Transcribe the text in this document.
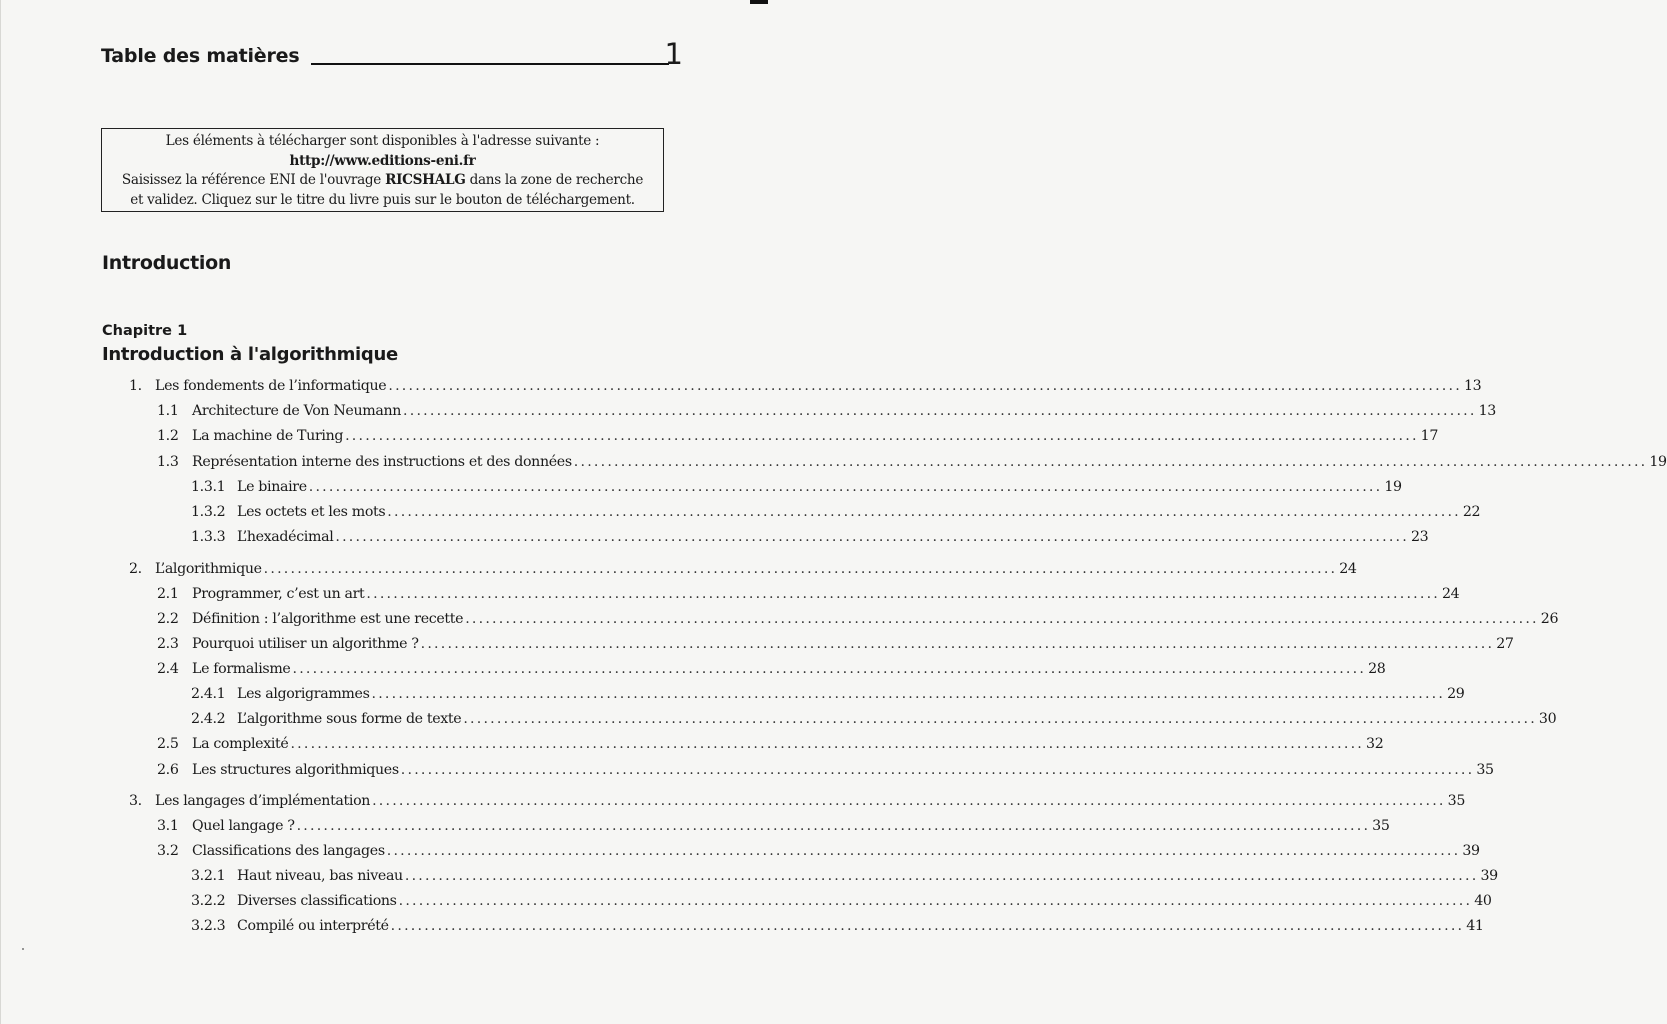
Table des matières	1
Les éléments à télécharger sont disponibles à l'adresse suivante :
http://www.editions-eni.fr
Saisissez la référence ENI de l'ouvrage RICSHALG dans la zone de recherche
et validez. Cliquez sur le titre du livre puis sur le bouton de téléchargement.
Introduction
Chapitre 1
Introduction à l'algorithmique
1. Les fondements de l’informatique ................................................................................................................................................................ 13
1.1 Architecture de Von Neumann ................................................................................................................................................................ 13
1.2 La machine de Turing ................................................................................................................................................................ 17
1.3 Représentation interne des instructions et des données ................................................................................................................................................................ 19
1.3.1 Le binaire ................................................................................................................................................................ 19
1.3.2 Les octets et les mots ................................................................................................................................................................ 22
1.3.3 L’hexadécimal ................................................................................................................................................................ 23
2. L’algorithmique ................................................................................................................................................................ 24
2.1 Programmer, c’est un art ................................................................................................................................................................ 24
2.2 Définition : l’algorithme est une recette ................................................................................................................................................................ 26
2.3 Pourquoi utiliser un algorithme ? ................................................................................................................................................................ 27
2.4 Le formalisme ................................................................................................................................................................ 28
2.4.1 Les algorigrammes ................................................................................................................................................................ 29
2.4.2 L’algorithme sous forme de texte ................................................................................................................................................................ 30
2.5 La complexité ................................................................................................................................................................ 32
2.6 Les structures algorithmiques ................................................................................................................................................................ 35
3. Les langages d’implémentation ................................................................................................................................................................ 35
3.1 Quel langage ? ................................................................................................................................................................ 35
3.2 Classifications des langages ................................................................................................................................................................ 39
3.2.1 Haut niveau, bas niveau ................................................................................................................................................................ 39
3.2.2 Diverses classifications ................................................................................................................................................................ 40
3.2.3 Compilé ou interprété ................................................................................................................................................................ 41
